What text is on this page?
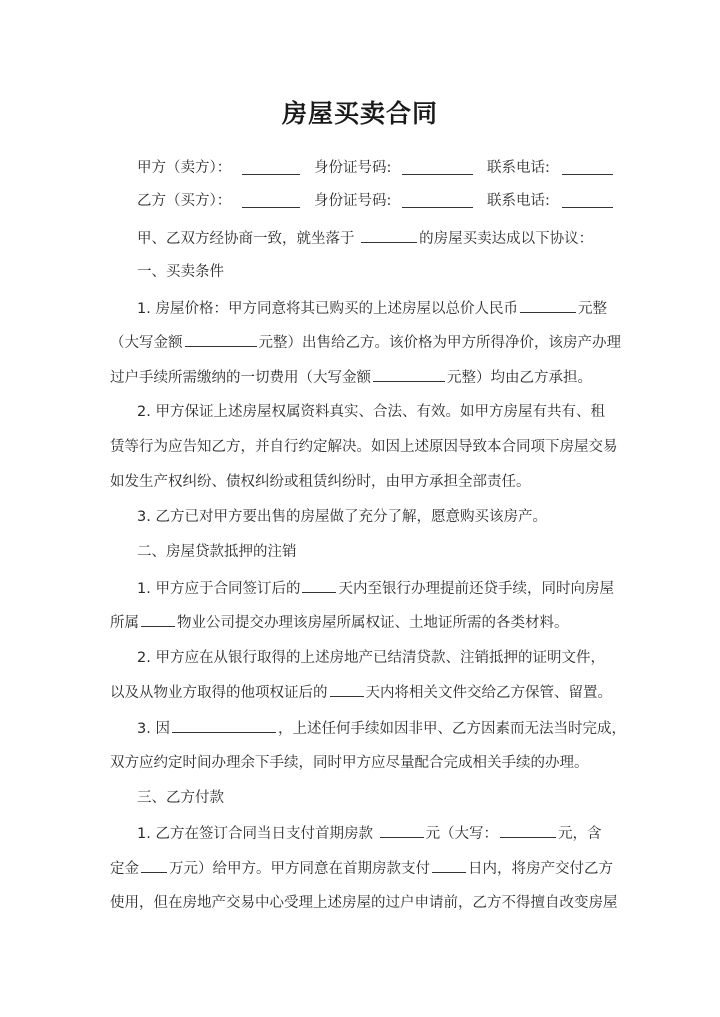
房屋买卖合同
甲方（卖方）：	身份证号码:	联系电话:
乙方（买方）：	身份证号码:	联系电话:
甲、乙双方经协商一致，就坐落于	的房屋买卖达成以下协议：
一、买卖条件
1. 房屋价格：甲方同意将其已购买的上述房屋以总价人民币	元整
（大写金额	元整）出售给乙方。该价格为甲方所得净价，该房产办理
过户手续所需缴纳的一切费用（大写金额	元整）均由乙方承担。
2. 甲方保证上述房屋权属资料真实、合法、有效。如甲方房屋有共有、租
赁等行为应告知乙方，并自行约定解决。如因上述原因导致本合同项下房屋交易
如发生产权纠纷、债权纠纷或租赁纠纷时，由甲方承担全部责任。
3. 乙方已对甲方要出售的房屋做了充分了解，愿意购买该房产。
二、房屋贷款抵押的注销
1. 甲方应于合同签订后的	天内至银行办理提前还贷手续，同时向房屋
所属	物业公司提交办理该房屋所属权证、土地证所需的各类材料。
2. 甲方应在从银行取得的上述房地产已结清贷款、注销抵押的证明文件，
以及从物业方取得的他项权证后的	天内将相关文件交给乙方保管、留置。
3. 因	，上述任何手续如因非甲、乙方因素而无法当时完成，
双方应约定时间办理余下手续，同时甲方应尽量配合完成相关手续的办理。
三、乙方付款
1. 乙方在签订合同当日支付首期房款	元（大写：	元，含
定金 万元）给甲方。甲方同意在首期房款支付	日内，将房产交付乙方
使用，但在房地产交易中心受理上述房屋的过户申请前，乙方不得擅自改变房屋
